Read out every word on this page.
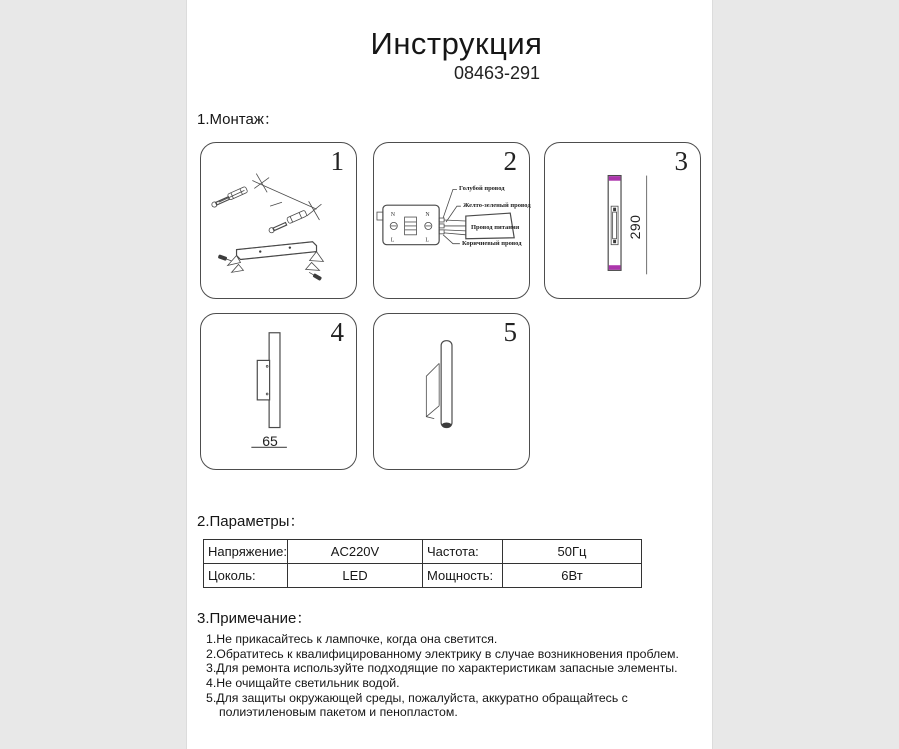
Инструкция
08463-291
1.Монтаж：
1
N
L
N
L
Голубой провод
Желто-зеленый провод
Провод питания
Коричневый провод
2
290
3
65
4	5
2.Параметры：
Напряжение:	AC220V	Частота:	50Гц
Цоколь:	LED	Мощность:	6Вт
3.Примечание：
1.Не прикасайтесь к лампочке, когда она светится.
2.Обратитесь к квалифицированному электрику в случае возникновения проблем.
3.Для ремонта используйте подходящие по характеристикам запасные элементы.
4.Не очищайте светильник водой.
5.Для защиты окружающей среды, пожалуйста, аккуратно обращайтесь с полиэтиленовым пакетом и пенопластом.
